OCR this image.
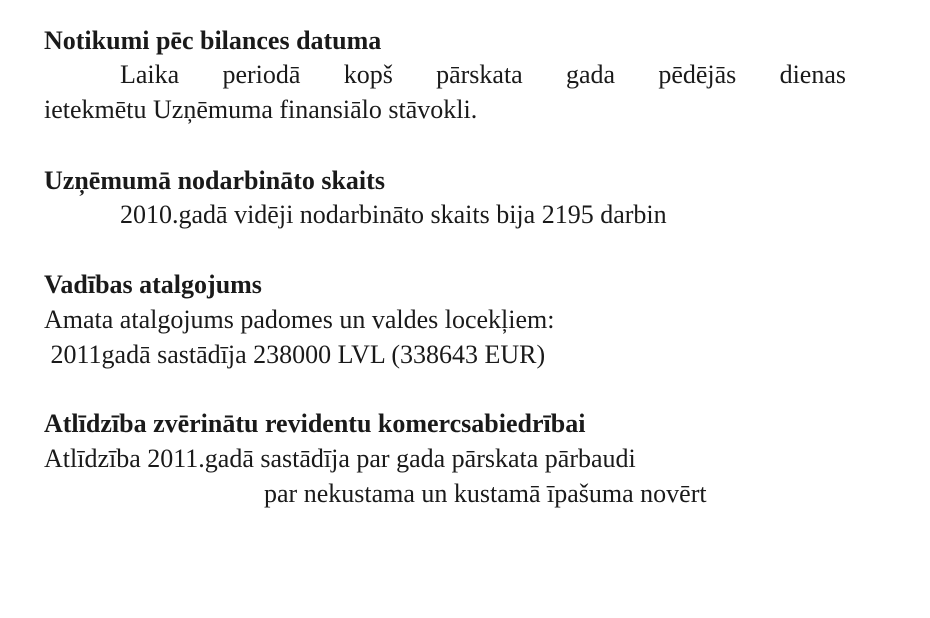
Notikumi pēc bilances datuma
Laika periodā kopš pārskata gada pēdējās dienas
ietekmētu Uzņēmuma finansiālo stāvokli.
Uzņēmumā nodarbināto skaits
2010.gadā vidēji nodarbināto skaits bija 2195 darbin
Vadības atalgojums
Amata atalgojums padomes un valdes locekļiem:
2011gadā sastādīja 238000 LVL (338643 EUR)
Atlīdzība zvērinātu revidentu komercsabiedrībai
Atlīdzība 2011.gadā sastādīja par gada pārskata pārbaudi
par nekustama un kustamā īpašuma novērt
